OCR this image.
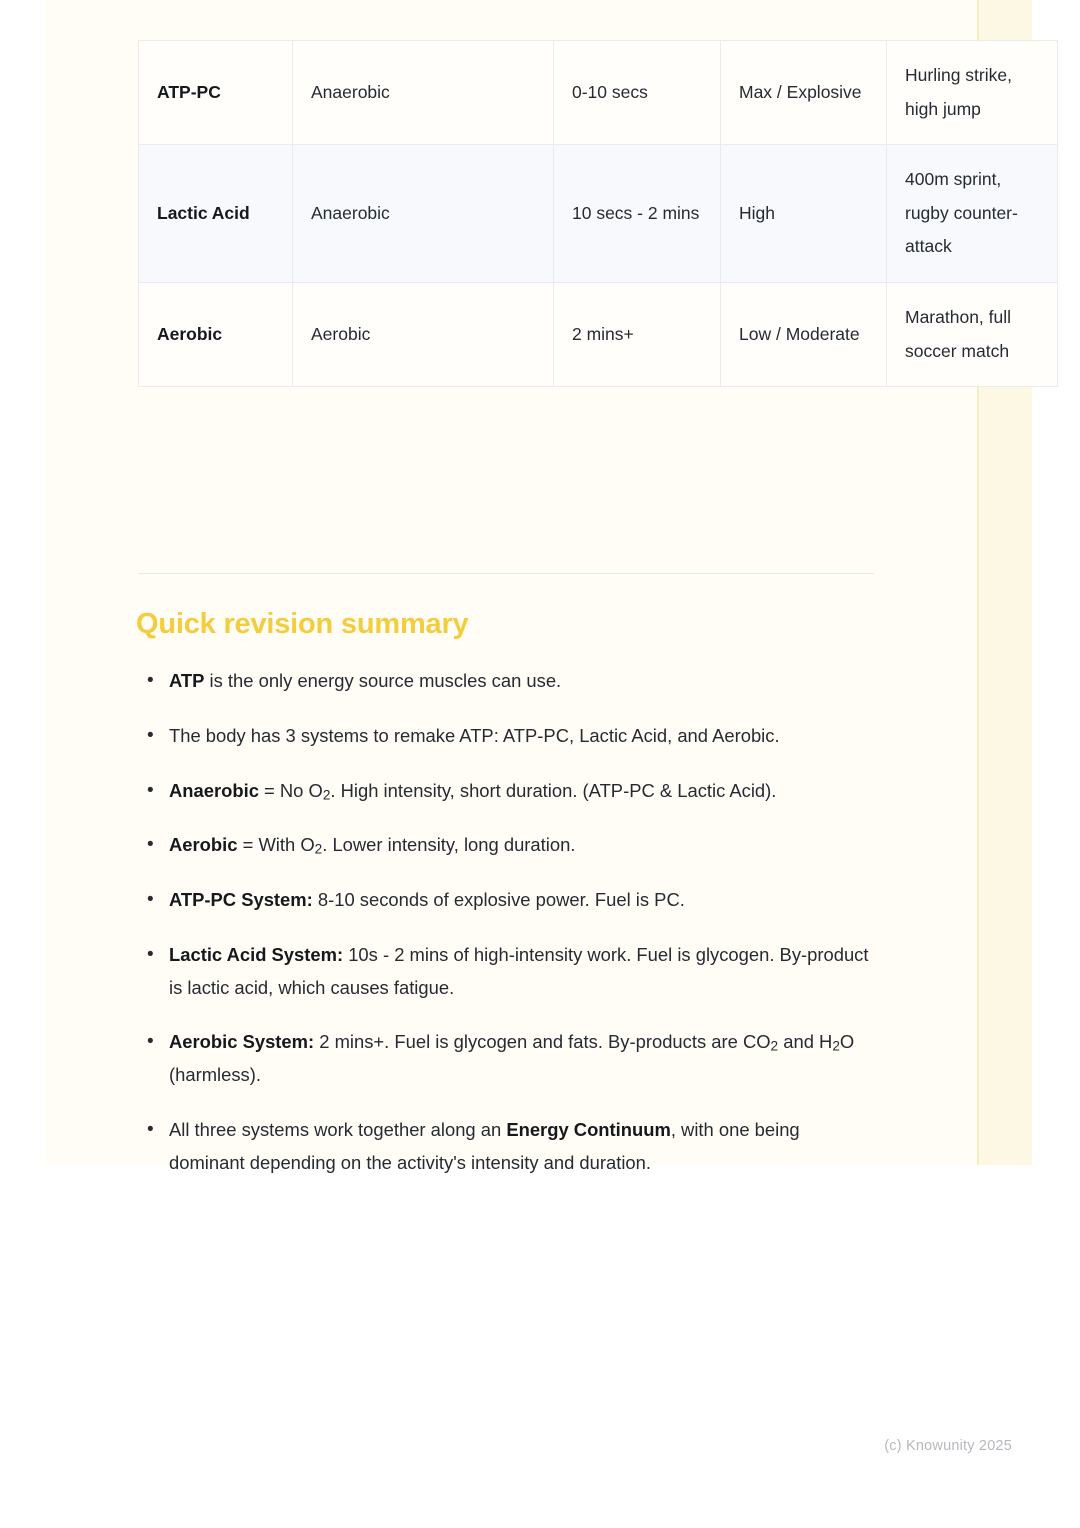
ATP-PC	Anaerobic	0-10 secs	Max / Explosive	Hurling strike, high jump
Lactic Acid	Anaerobic	10 secs - 2 mins	High	400m sprint, rugby counter-attack
Aerobic	Aerobic	2 mins+	Low / Moderate	Marathon, full soccer match
Quick revision summary
• ATP is the only energy source muscles can use.
• The body has 3 systems to remake ATP: ATP-PC, Lactic Acid, and Aerobic.
• Anaerobic = No O2. High intensity, short duration. (ATP-PC & Lactic Acid).
• Aerobic = With O2. Lower intensity, long duration.
• ATP-PC System: 8-10 seconds of explosive power. Fuel is PC.
• Lactic Acid System: 10s - 2 mins of high-intensity work. Fuel is glycogen. By-product is lactic acid, which causes fatigue.
• Aerobic System: 2 mins+. Fuel is glycogen and fats. By-products are CO2 and H2O (harmless).
• All three systems work together along an Energy Continuum, with one being dominant depending on the activity's intensity and duration.
(c) Knowunity 2025
